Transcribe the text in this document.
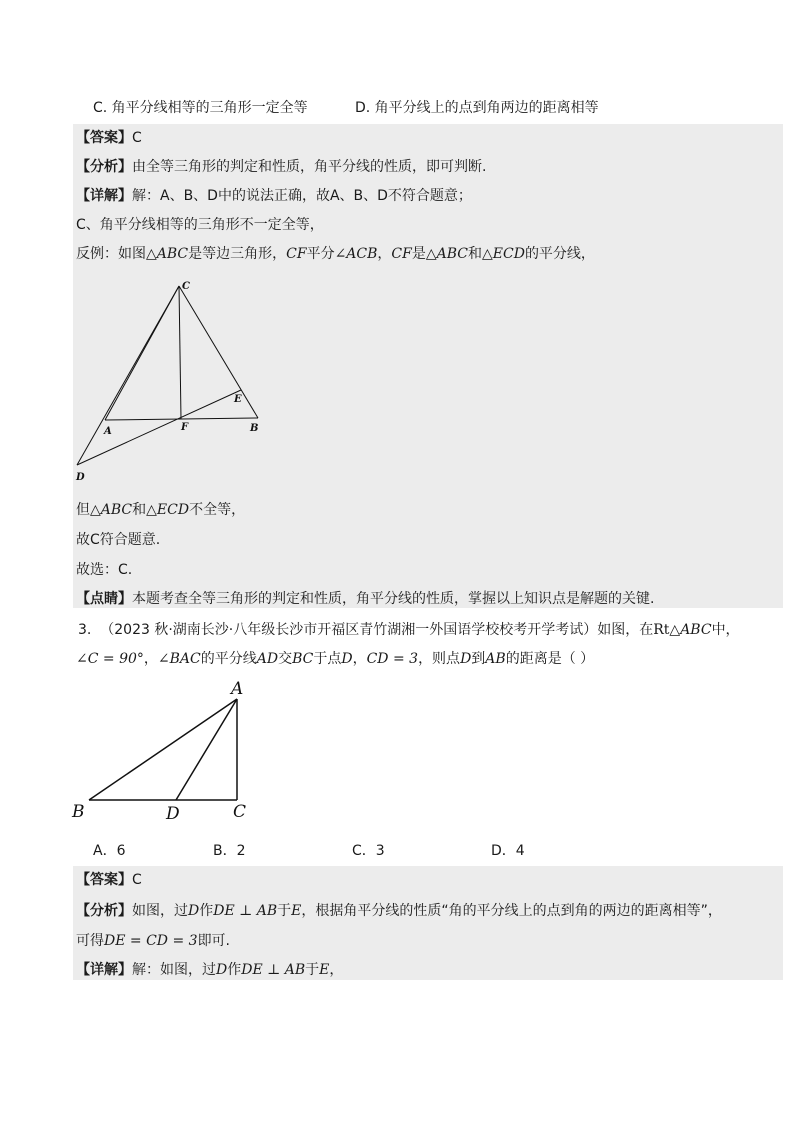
C. 角平分线相等的三角形一定全等	D. 角平分线上的点到角两边的距离相等
【答案】C
【分析】由全等三角形的判定和性质，角平分线的性质，即可判断.
【详解】解：A、B、D中的说法正确，故A、B、D不符合题意；
C、角平分线相等的三角形不一定全等，
反例：如图△ABC是等边三角形，CF平分∠ACB，CF是△ABC和△ECD的平分线，
C
E
A	F	B
D
但△ABC和△ECD不全等，
故C符合题意.
故选：C.
【点睛】本题考查全等三角形的判定和性质，角平分线的性质，掌握以上知识点是解题的关键.
3. （2023 秋·湖南长沙·八年级长沙市开福区青竹湖湘一外国语学校校考开学考试）如图，在Rt△ABC中，
∠C = 90°，∠BAC的平分线AD交BC于点D，CD = 3，则点D到AB的距离是（ ）
A
B	D	C
A．6	B．2	C．3	D．4
【答案】C
【分析】如图，过D作DE ⊥ AB于E，根据角平分线的性质“角的平分线上的点到角的两边的距离相等”，
可得DE = CD = 3即可.
【详解】解：如图，过D作DE ⊥ AB于E，
